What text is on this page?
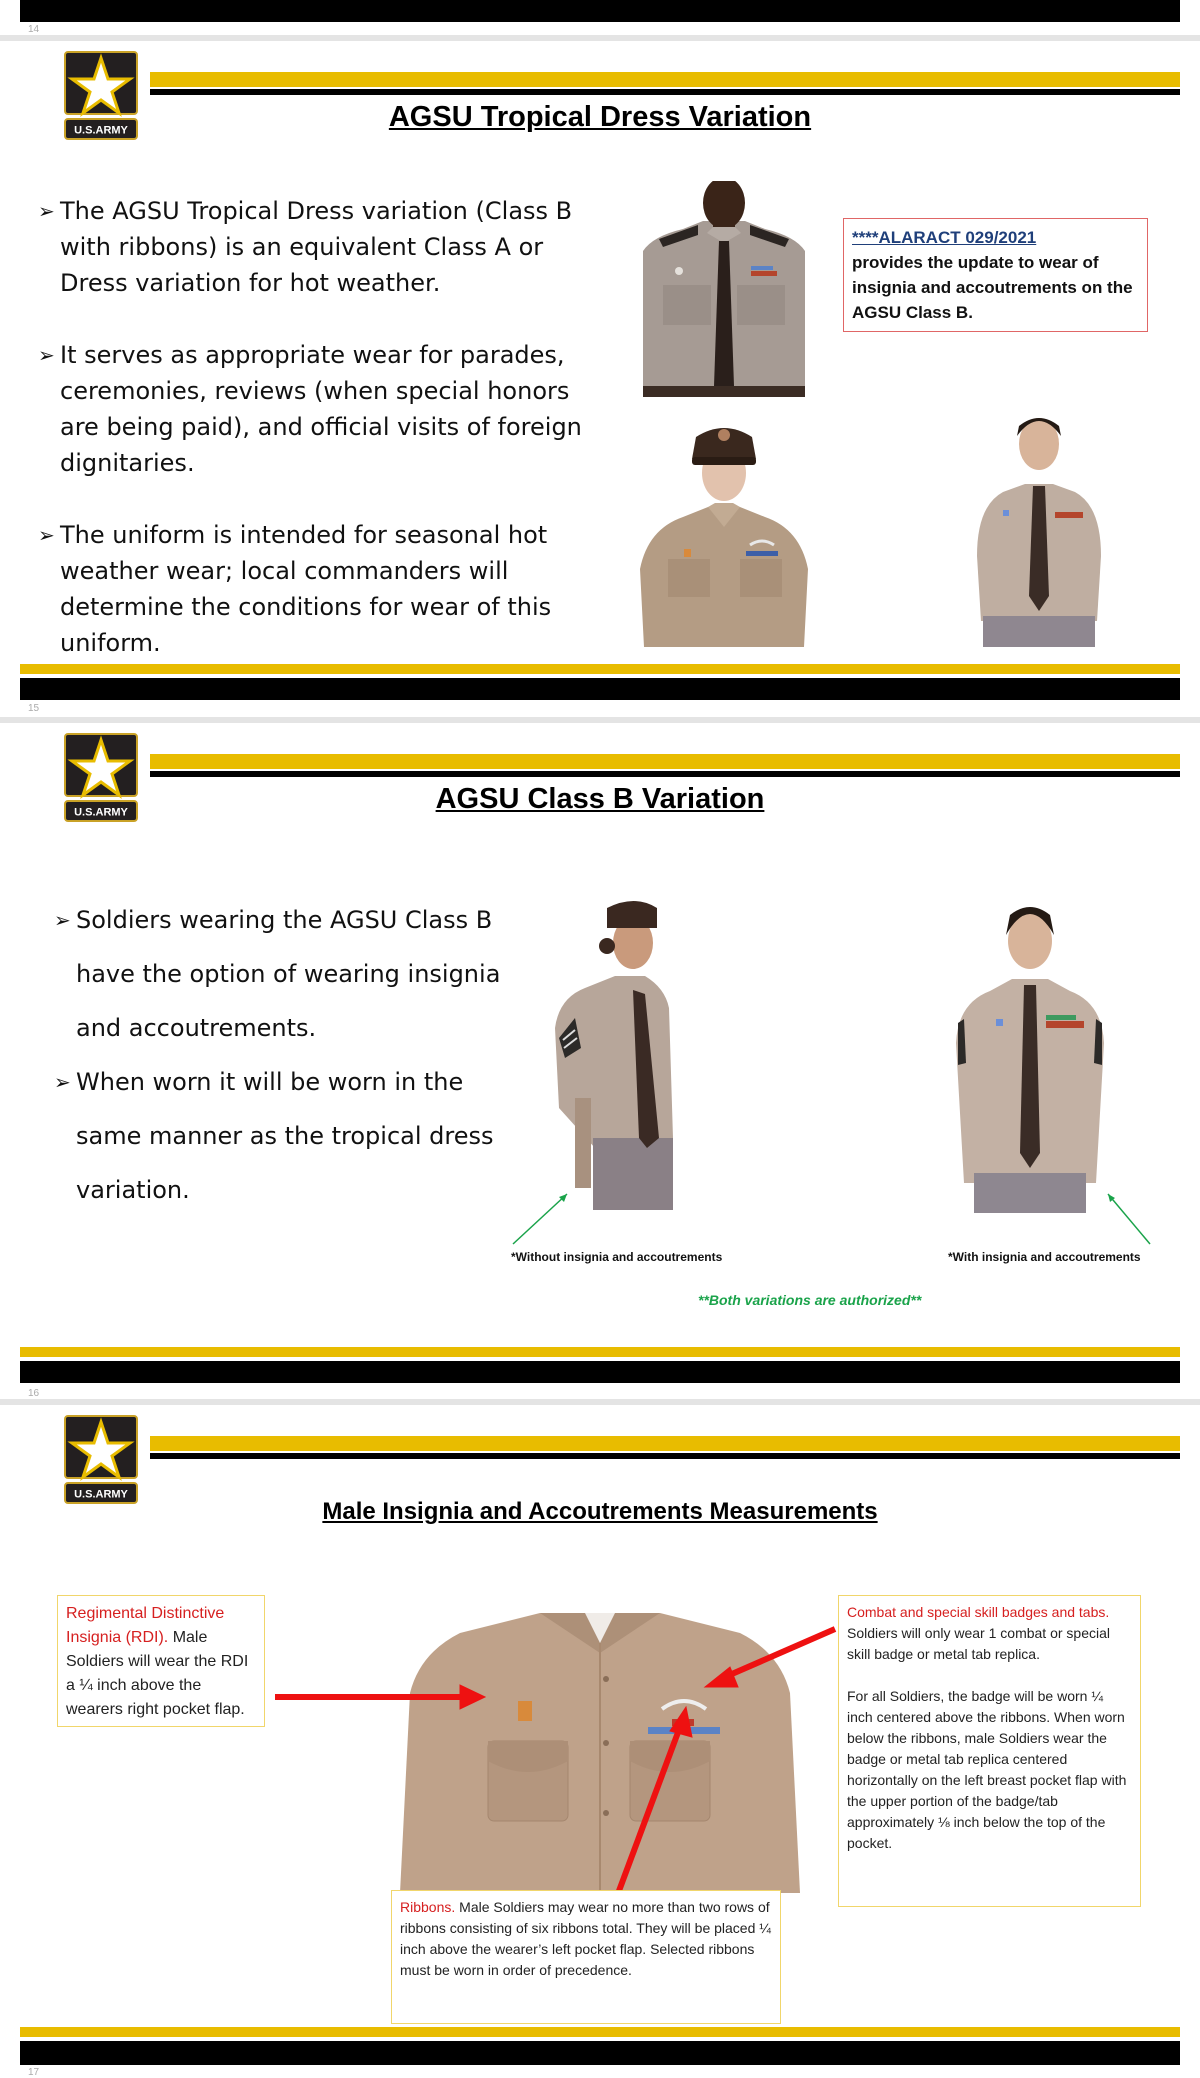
14
U.S.ARMY	AGSU Tropical Dress Variation
➢ The AGSU Tropical Dress variation (Class B with ribbons) is an equivalent Class A or Dress variation for hot weather.
➢ It serves as appropriate wear for parades, ceremonies, reviews (when special honors are being paid), and official visits of foreign dignitaries.
➢ The uniform is intended for seasonal hot weather wear; local commanders will determine the conditions for wear of this uniform.
****ALARACT 029/2021
provides the update to wear of insignia and accoutrements on the AGSU Class B.
15
U.S.ARMY	AGSU Class B Variation
➢ Soldiers wearing the AGSU Class B have the option of wearing insignia and accoutrements.
➢ When worn it will be worn in the same manner as the tropical dress variation.
*Without insignia and accoutrements	*With insignia and accoutrements
**Both variations are authorized**
16
U.S.ARMY
Male Insignia and Accoutrements Measurements
Regimental Distinctive Insignia (RDI). Male Soldiers will wear the RDI a ¼ inch above the wearers right pocket flap.
Combat and special skill badges and tabs. Soldiers will only wear 1 combat or special skill badge or metal tab replica.
For all Soldiers, the badge will be worn ¼ inch centered above the ribbons. When worn below the ribbons, male Soldiers wear the badge or metal tab replica centered horizontally on the left breast pocket flap with the upper portion of the badge/tab approximately ⅛ inch below the top of the pocket.
Ribbons. Male Soldiers may wear no more than two rows of ribbons consisting of six ribbons total. They will be placed ¼ inch above the wearer’s left pocket flap. Selected ribbons must be worn in order of precedence.
17
